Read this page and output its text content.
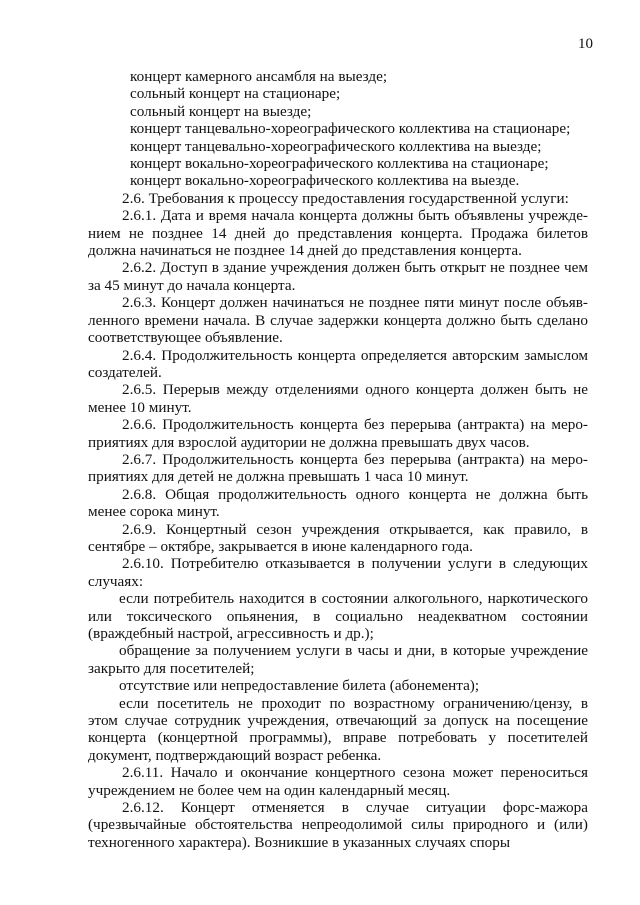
10

концерт камерного ансамбля на выезде;

сольный концерт на стационаре;

сольный концерт на выезде;

концерт танцевально-хореографического коллектива на стационаре;

концерт танцевально-хореографического коллектива на выезде;

концерт вокально-хореографического коллектива на стационаре;

концерт вокально-хореографического коллектива на выезде.

2.6. Требования к процессу предоставления государственной услуги:

2.6.1. Дата и время начала концерта должны быть объявлены учрежде-нием не позднее 14 дней до представления концерта. Продажа билетов должна начинаться не позднее 14 дней до представления концерта.

2.6.2. Доступ в здание учреждения должен быть открыт не позднее чем за 45 минут до начала концерта.

2.6.3. Концерт должен начинаться не позднее пяти минут после объяв-ленного времени начала. В случае задержки концерта должно быть сделано соответствующее объявление.

2.6.4. Продолжительность концерта определяется авторским замыслом создателей.

2.6.5. Перерыв между отделениями одного концерта должен быть не менее 10 минут.

2.6.6. Продолжительность концерта без перерыва (антракта) на меро-приятиях для взрослой аудитории не должна превышать двух часов.

2.6.7. Продолжительность концерта без перерыва (антракта) на меро-приятиях для детей не должна превышать 1 часа 10 минут.

2.6.8. Общая продолжительность одного концерта не должна быть менее сорока минут.

2.6.9. Концертный сезон учреждения открывается, как правило, в сентябре – октябре, закрывается в июне календарного года.

2.6.10. Потребителю отказывается в получении услуги в следующих случаях:

если потребитель находится в состоянии алкогольного, наркотического или токсического опьянения, в социально неадекватном состоянии (враждебный настрой, агрессивность и др.);

обращение за получением услуги в часы и дни, в которые учреждение закрыто для посетителей;

отсутствие или непредоставление билета (абонемента);

если посетитель не проходит по возрастному ограничению/цензу, в этом случае сотрудник учреждения, отвечающий за допуск на посещение концерта (концертной программы), вправе потребовать у посетителей документ, подтверждающий возраст ребенка.

2.6.11. Начало и окончание концертного сезона может переноситься учреждением не более чем на один календарный месяц.

2.6.12. Концерт отменяется в случае ситуации форс-мажора (чрезвычайные обстоятельства непреодолимой силы природного и (или) техногенного характера). Возникшие в указанных случаях споры
